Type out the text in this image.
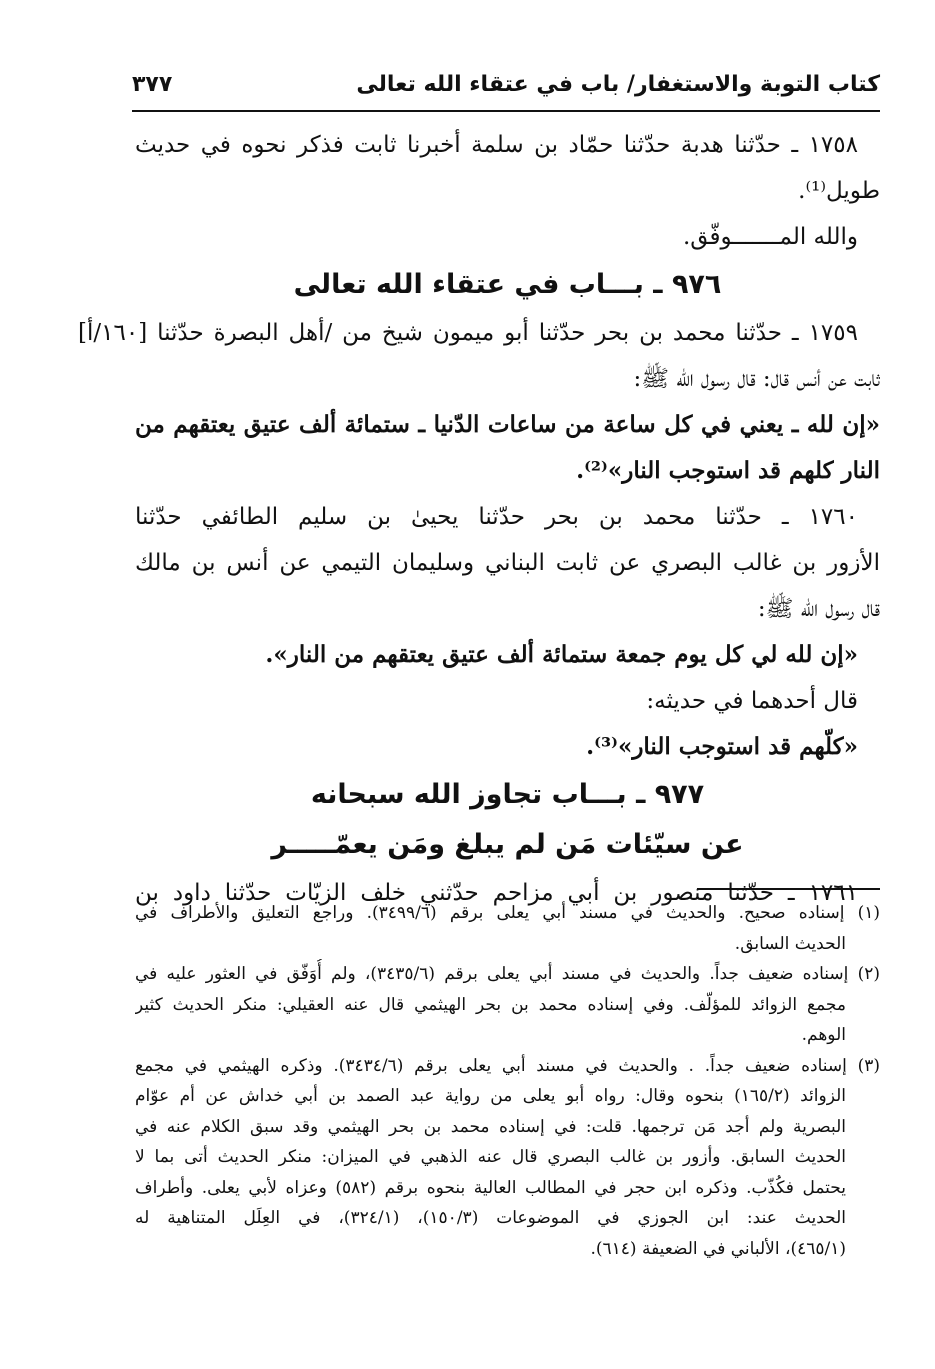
كتاب التوبة والاستغفار/ باب في عتقاء الله تعالى
٣٧٧
١٧٥٨ ـ حدّثنا هدبة حدّثنا حمّاد بن سلمة أخبرنا ثابت فذكر نحوه في حديث
طويل⁽¹⁾.
والله المـــــــوفّق.
٩٧٦ ـ بـــاب في عتقاء الله تعالى
١٧٥٩ ـ حدّثنا محمد بن بحر حدّثنا أبو ميمون شيخ من /أهل البصرة حدّثنا [١٦٠/أ]
ثابت عن أنس قال: قال رسول الله ﷺ:
«إن لله ـ يعني في كل ساعة من ساعات الدّنيا ـ ستمائة ألف عتيق يعتقهم من
النار كلهم قد استوجب النار»⁽²⁾.
١٧٦٠ ـ حدّثنا محمد بن بحر حدّثنا يحيىٰ بن سليم الطائفي حدّثنا
الأزور بن غالب البصري عن ثابت البناني وسليمان التيمي عن أنس بن مالك
قال رسول الله ﷺ:
«إن لله لي كل يوم جمعة ستمائة ألف عتيق يعتقهم من النار».
قال أحدهما في حديثه:
«كلّهم قد استوجب النار»⁽³⁾.
٩٧٧ ـ بـــاب تجاوز الله سبحانه
عن سيّئات مَن لم يبلغ ومَن يعمّـــــر
١٧٦١ ـ حدّثنا منصور بن أبي مزاحم حدّثني خلف الزيّات حدّثنا داود بن
(١) إسناده صحيح. والحديث في مسند أبي يعلى برقم (٣٤٩٩/٦). وراجع التعليق والأطراف في
الحديث السابق.
(٢) إسناده ضعيف جداً. والحديث في مسند أبي يعلى برقم (٣٤٣٥/٦)، ولم أُوَفّق في العثور عليه في
مجمع الزوائد للمؤلّف. وفي إسناده محمد بن بحر الهيثمي قال عنه العقيلي: منكر الحديث كثير
الوهم.
(٣) إسناده ضعيف جداً. . والحديث في مسند أبي يعلى برقم (٣٤٣٤/٦). وذكره الهيثمي في مجمع
الزوائد (١٦٥/٢) بنحوه وقال: رواه أبو يعلى من رواية عبد الصمد بن أبي خداش عن أم عوّام
البصرية ولم أجد مَن ترجمها. قلت: في إسناده محمد بن بحر الهيثمي وقد سبق الكلام عنه في
الحديث السابق. وأزور بن غالب البصري قال عنه الذهبي في الميزان: منكر الحديث أتى بما لا
يحتمل فكُذّب. وذكره ابن حجر في المطالب العالية بنحوه برقم (٥٨٢) وعزاه لأبي يعلى. وأطراف
الحديث عند: ابن الجوزي في الموضوعات (١٥٠/٣)، (٣٢٤/١)، في العِلَل المتناهية له
(٤٦٥/١)، الألباني في الضعيفة (٦١٤).
